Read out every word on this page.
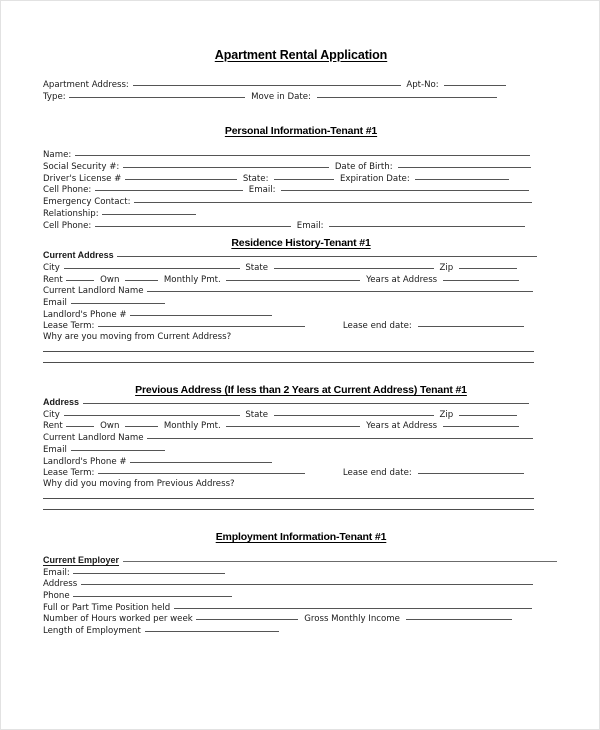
Apartment Rental Application
Apartment Address:	Apt-No:
Type:	Move in Date:
Personal Information-Tenant #1
Name:
Social Security #:	Date of Birth:
Driver's License #	State:	Expiration Date:
Cell Phone:	Email:
Emergency Contact:
Relationship:
Cell Phone:	Email:
Residence History-Tenant #1
Current Address
City	State	Zip
Rent	Own	Monthly Pmt.	Years at Address
Current Landlord Name
Email
Landlord's Phone #
Lease Term:	Lease end date:
Why are you moving from Current Address?
Previous Address (If less than 2 Years at Current Address) Tenant #1
Address
City	State	Zip
Rent	Own	Monthly Pmt.	Years at Address
Current Landlord Name
Email
Landlord's Phone #
Lease Term:	Lease end date:
Why did you moving from Previous Address?
Employment Information-Tenant #1
Current Employer
Email:
Address
Phone
Full or Part Time Position held
Number of Hours worked per week	Gross Monthly Income
Length of Employment
